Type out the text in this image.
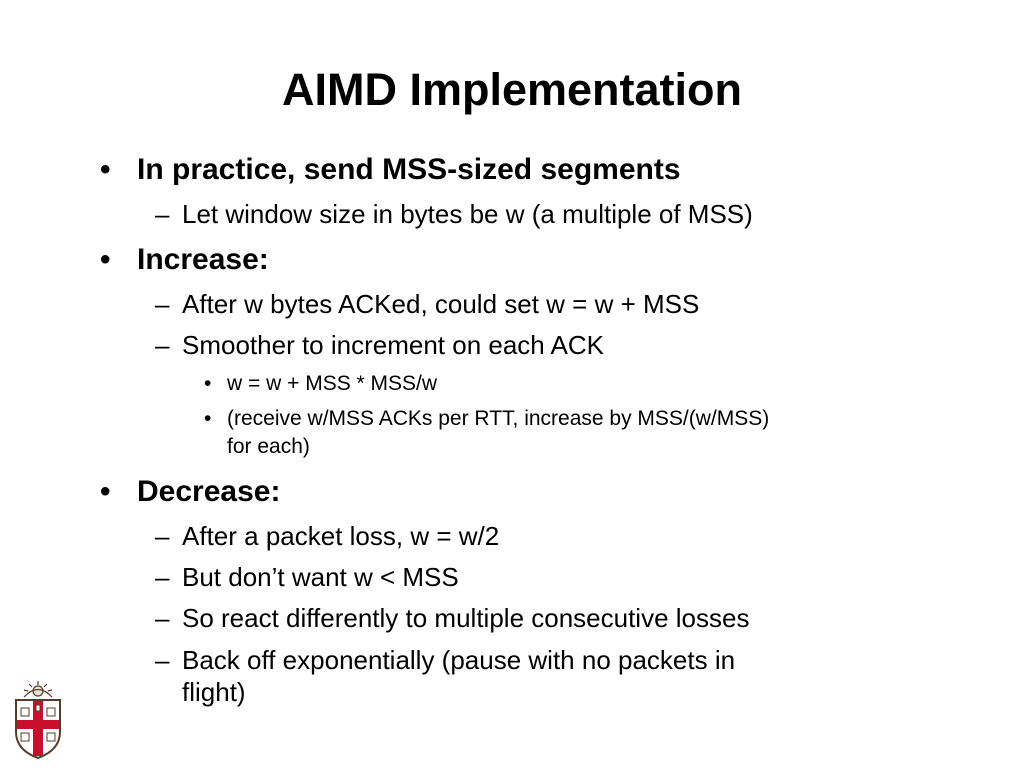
AIMD Implementation
• In practice, send MSS-sized segments
– Let window size in bytes be w (a multiple of MSS)
• Increase:
– After w bytes ACKed, could set w = w + MSS
– Smoother to increment on each ACK
• w = w + MSS * MSS/w
• (receive w/MSS ACKs per RTT, increase by MSS/(w/MSS)
for each)
• Decrease:
– After a packet loss, w = w/2
– But don’t want w < MSS
– So react differently to multiple consecutive losses
– Back off exponentially (pause with no packets in
flight)
